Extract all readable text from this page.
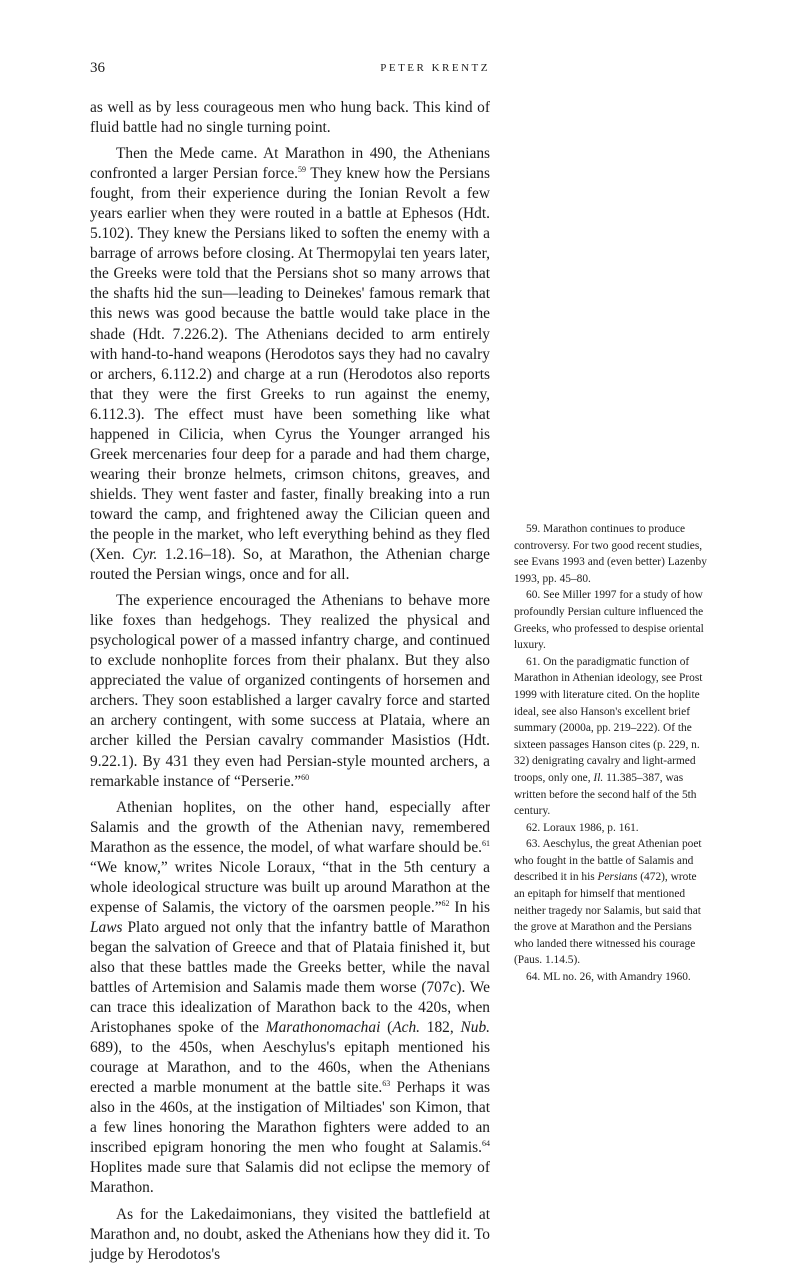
36	PETER KRENTZ

as well as by less courageous men who hung back. This kind of fluid battle had no single turning point.

Then the Mede came. At Marathon in 490, the Athenians confronted a larger Persian force.$^{59}$ They knew how the Persians fought, from their experience during the Ionian Revolt a few years earlier when they were routed in a battle at Ephesos (Hdt. 5.102). They knew the Persians liked to soften the enemy with a barrage of arrows before closing. At Thermopylai ten years later, the Greeks were told that the Persians shot so many arrows that the shafts hid the sun—leading to Deinekes' famous remark that this news was good because the battle would take place in the shade (Hdt. 7.226.2). The Athenians decided to arm entirely with hand-to-hand weapons (Herodotos says they had no cavalry or archers, 6.112.2) and charge at a run (Herodotos also reports that they were the first Greeks to run against the enemy, 6.112.3). The effect must have been something like what happened in Cilicia, when Cyrus the Younger arranged his Greek mercenaries four deep for a parade and had them charge, wearing their bronze helmets, crimson chitons, greaves, and shields. They went faster and faster, finally breaking into a run toward the camp, and frightened away the Cilician queen and the people in the market, who left everything behind as they fled (Xen. Cyr. 1.2.16–18). So, at Marathon, the Athenian charge routed the Persian wings, once and for all.

The experience encouraged the Athenians to behave more like foxes than hedgehogs. They realized the physical and psychological power of a massed infantry charge, and continued to exclude nonhoplite forces from their phalanx. But they also appreciated the value of organized contingents of horsemen and archers. They soon established a larger cavalry force and started an archery contingent, with some success at Plataia, where an archer killed the Persian cavalry commander Masistios (Hdt. 9.22.1). By 431 they even had Persian-style mounted archers, a remarkable instance of “Perserie.”$^{60}$

Athenian hoplites, on the other hand, especially after Salamis and the growth of the Athenian navy, remembered Marathon as the essence, the model, of what warfare should be.$^{61}$ “We know,” writes Nicole Loraux, “that in the 5th century a whole ideological structure was built up around Marathon at the expense of Salamis, the victory of the oarsmen people.”$^{62}$ In his Laws Plato argued not only that the infantry battle of Marathon began the salvation of Greece and that of Plataia finished it, but also that these battles made the Greeks better, while the naval battles of Artemision and Salamis made them worse (707c). We can trace this idealization of Marathon back to the 420s, when Aristophanes spoke of the Marathonomachai (Ach. 182, Nub. 689), to the 450s, when Aeschylus's epitaph mentioned his courage at Marathon, and to the 460s, when the Athenians erected a marble monument at the battle site.$^{63}$ Perhaps it was also in the 460s, at the instigation of Miltiades' son Kimon, that a few lines honoring the Marathon fighters were added to an inscribed epigram honoring the men who fought at Salamis.$^{64}$ Hoplites made sure that Salamis did not eclipse the memory of Marathon.

As for the Lakedaimonians, they visited the battlefield at Marathon and, no doubt, asked the Athenians how they did it. To judge by Herodotos's

59. Marathon continues to produce controversy. For two good recent studies, see Evans 1993 and (even better) Lazenby 1993, pp. 45–80.

60. See Miller 1997 for a study of how profoundly Persian culture influenced the Greeks, who professed to despise oriental luxury.

61. On the paradigmatic function of Marathon in Athenian ideology, see Prost 1999 with literature cited. On the hoplite ideal, see also Hanson's excellent brief summary (2000a, pp. 219–222). Of the sixteen passages Hanson cites (p. 229, n. 32) denigrating cavalry and light-armed troops, only one, Il. 11.385–387, was written before the second half of the 5th century.

62. Loraux 1986, p. 161.

63. Aeschylus, the great Athenian poet who fought in the battle of Salamis and described it in his Persians (472), wrote an epitaph for himself that mentioned neither tragedy nor Salamis, but said that the grove at Marathon and the Persians who landed there witnessed his courage (Paus. 1.14.5).

64. ML no. 26, with Amandry 1960.
